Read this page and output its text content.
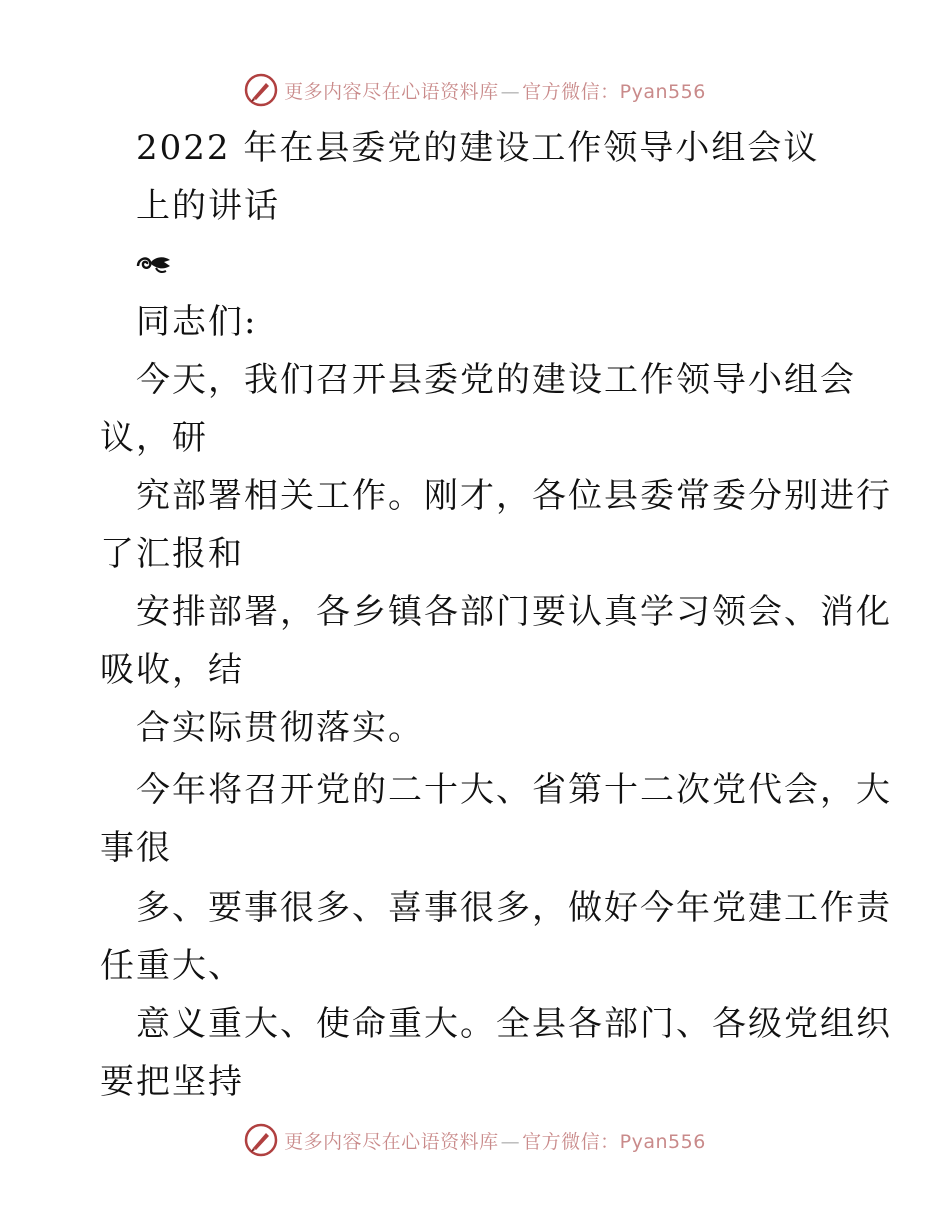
更多内容尽在心语资料库 — 官方微信：Pyan556
2022 年在县委党的建设工作领导小组会议
上的讲话
同志们:
今天，我们召开县委党的建设工作领导小组会
议，研
究部署相关工作。刚才，各位县委常委分别进行
了汇报和
安排部署，各乡镇各部门要认真学习领会、消化
吸收，结
合实际贯彻落实。
今年将召开党的二十大、省第十二次党代会，大
事很
多、要事很多、喜事很多，做好今年党建工作责
任重大、
意义重大、使命重大。全县各部门、各级党组织
要把坚持
更多内容尽在心语资料库 — 官方微信：Pyan556
